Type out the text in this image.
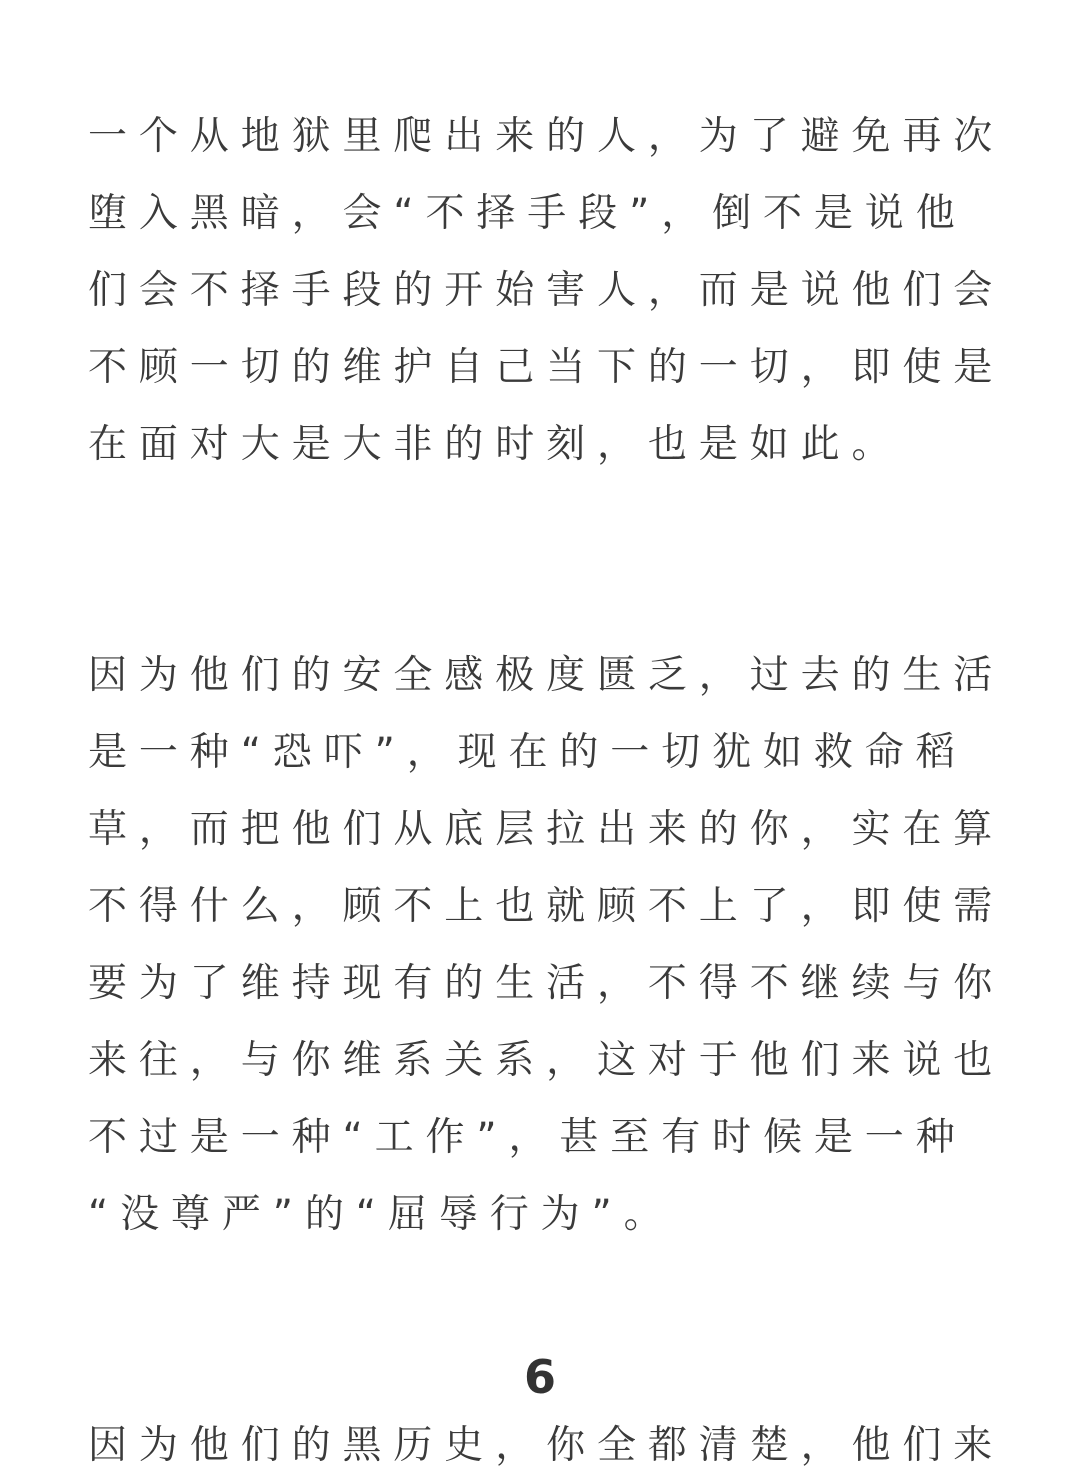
一个从地狱里爬出来的人，为了避免再次
堕入黑暗，会“不择手段”，倒不是说他
们会不择手段的开始害人，而是说他们会
不顾一切的维护自己当下的一切，即使是
在面对大是大非的时刻，也是如此。
因为他们的安全感极度匮乏，过去的生活
是一种“恐吓”，现在的一切犹如救命稻
草，而把他们从底层拉出来的你，实在算
不得什么，顾不上也就顾不上了，即使需
要为了维持现有的生活，不得不继续与你
来往，与你维系关系，这对于他们来说也
不过是一种“工作”，甚至有时候是一种
“没尊严”的“屈辱行为”。
因为他们的黑历史，你全都清楚，他们来
6
